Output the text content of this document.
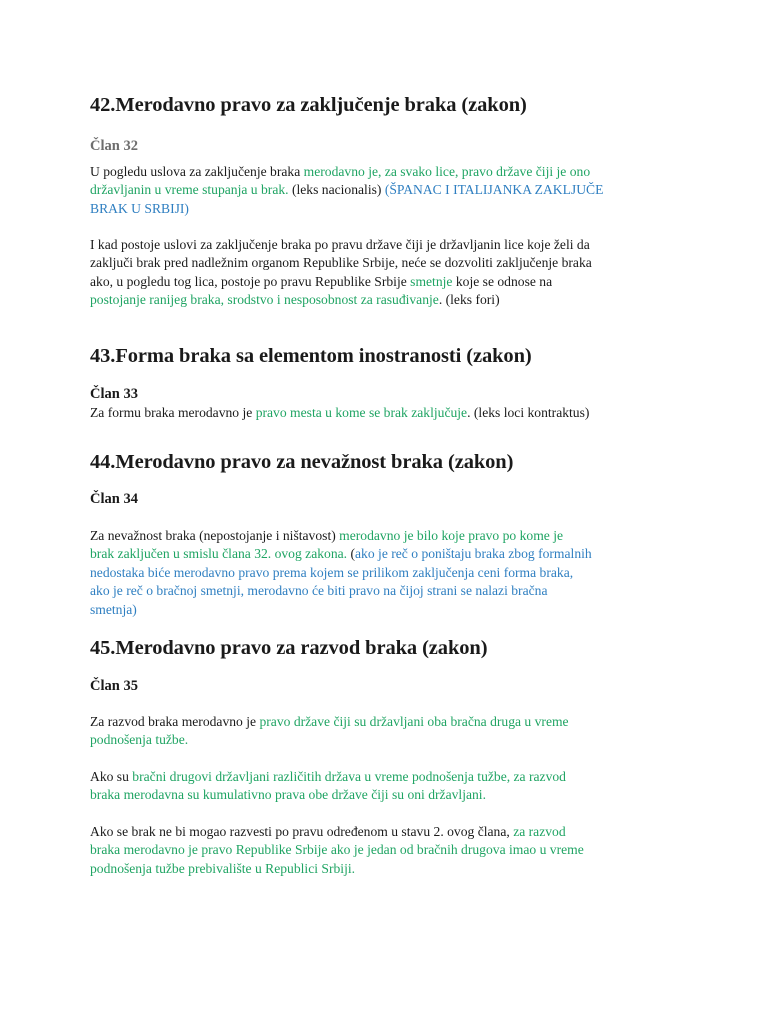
42.Merodavno pravo za zaključenje braka (zakon)
Član 32
U pogledu uslova za zaključenje braka merodavno je, za svako lice, pravo države čiji je ono
državljanin u vreme stupanja u brak. (leks nacionalis) (ŠPANAC I ITALIJANKA ZAKLJUČE
BRAK U SRBIJI)
I kad postoje uslovi za zaključenje braka po pravu države čiji je državljanin lice koje želi da
zaključi brak pred nadležnim organom Republike Srbije, neće se dozvoliti zaključenje braka
ako, u pogledu tog lica, postoje po pravu Republike Srbije smetnje koje se odnose na
postojanje ranijeg braka, srodstvo i nesposobnost za rasuđivanje. (leks fori)
43.Forma braka sa elementom inostranosti (zakon)
Član 33
Za formu braka merodavno je pravo mesta u kome se brak zaključuje. (leks loci kontraktus)
44.Merodavno pravo za nevažnost braka (zakon)
Član 34
Za nevažnost braka (nepostojanje i ništavost) merodavno je bilo koje pravo po kome je
brak zaključen u smislu člana 32. ovog zakona. (ako je reč o poništaju braka zbog formalnih
nedostaka biće merodavno pravo prema kojem se prilikom zaključenja ceni forma braka,
ako je reč o bračnoj smetnji, merodavno će biti pravo na čijoj strani se nalazi bračna
smetnja)
45.Merodavno pravo za razvod braka (zakon)
Član 35
Za razvod braka merodavno je pravo države čiji su državljani oba bračna druga u vreme
podnošenja tužbe.
Ako su bračni drugovi državljani različitih država u vreme podnošenja tužbe, za razvod
braka merodavna su kumulativno prava obe države čiji su oni državljani.
Ako se brak ne bi mogao razvesti po pravu određenom u stavu 2. ovog člana, za razvod
braka merodavno je pravo Republike Srbije ako je jedan od bračnih drugova imao u vreme
podnošenja tužbe prebivalište u Republici Srbiji.
